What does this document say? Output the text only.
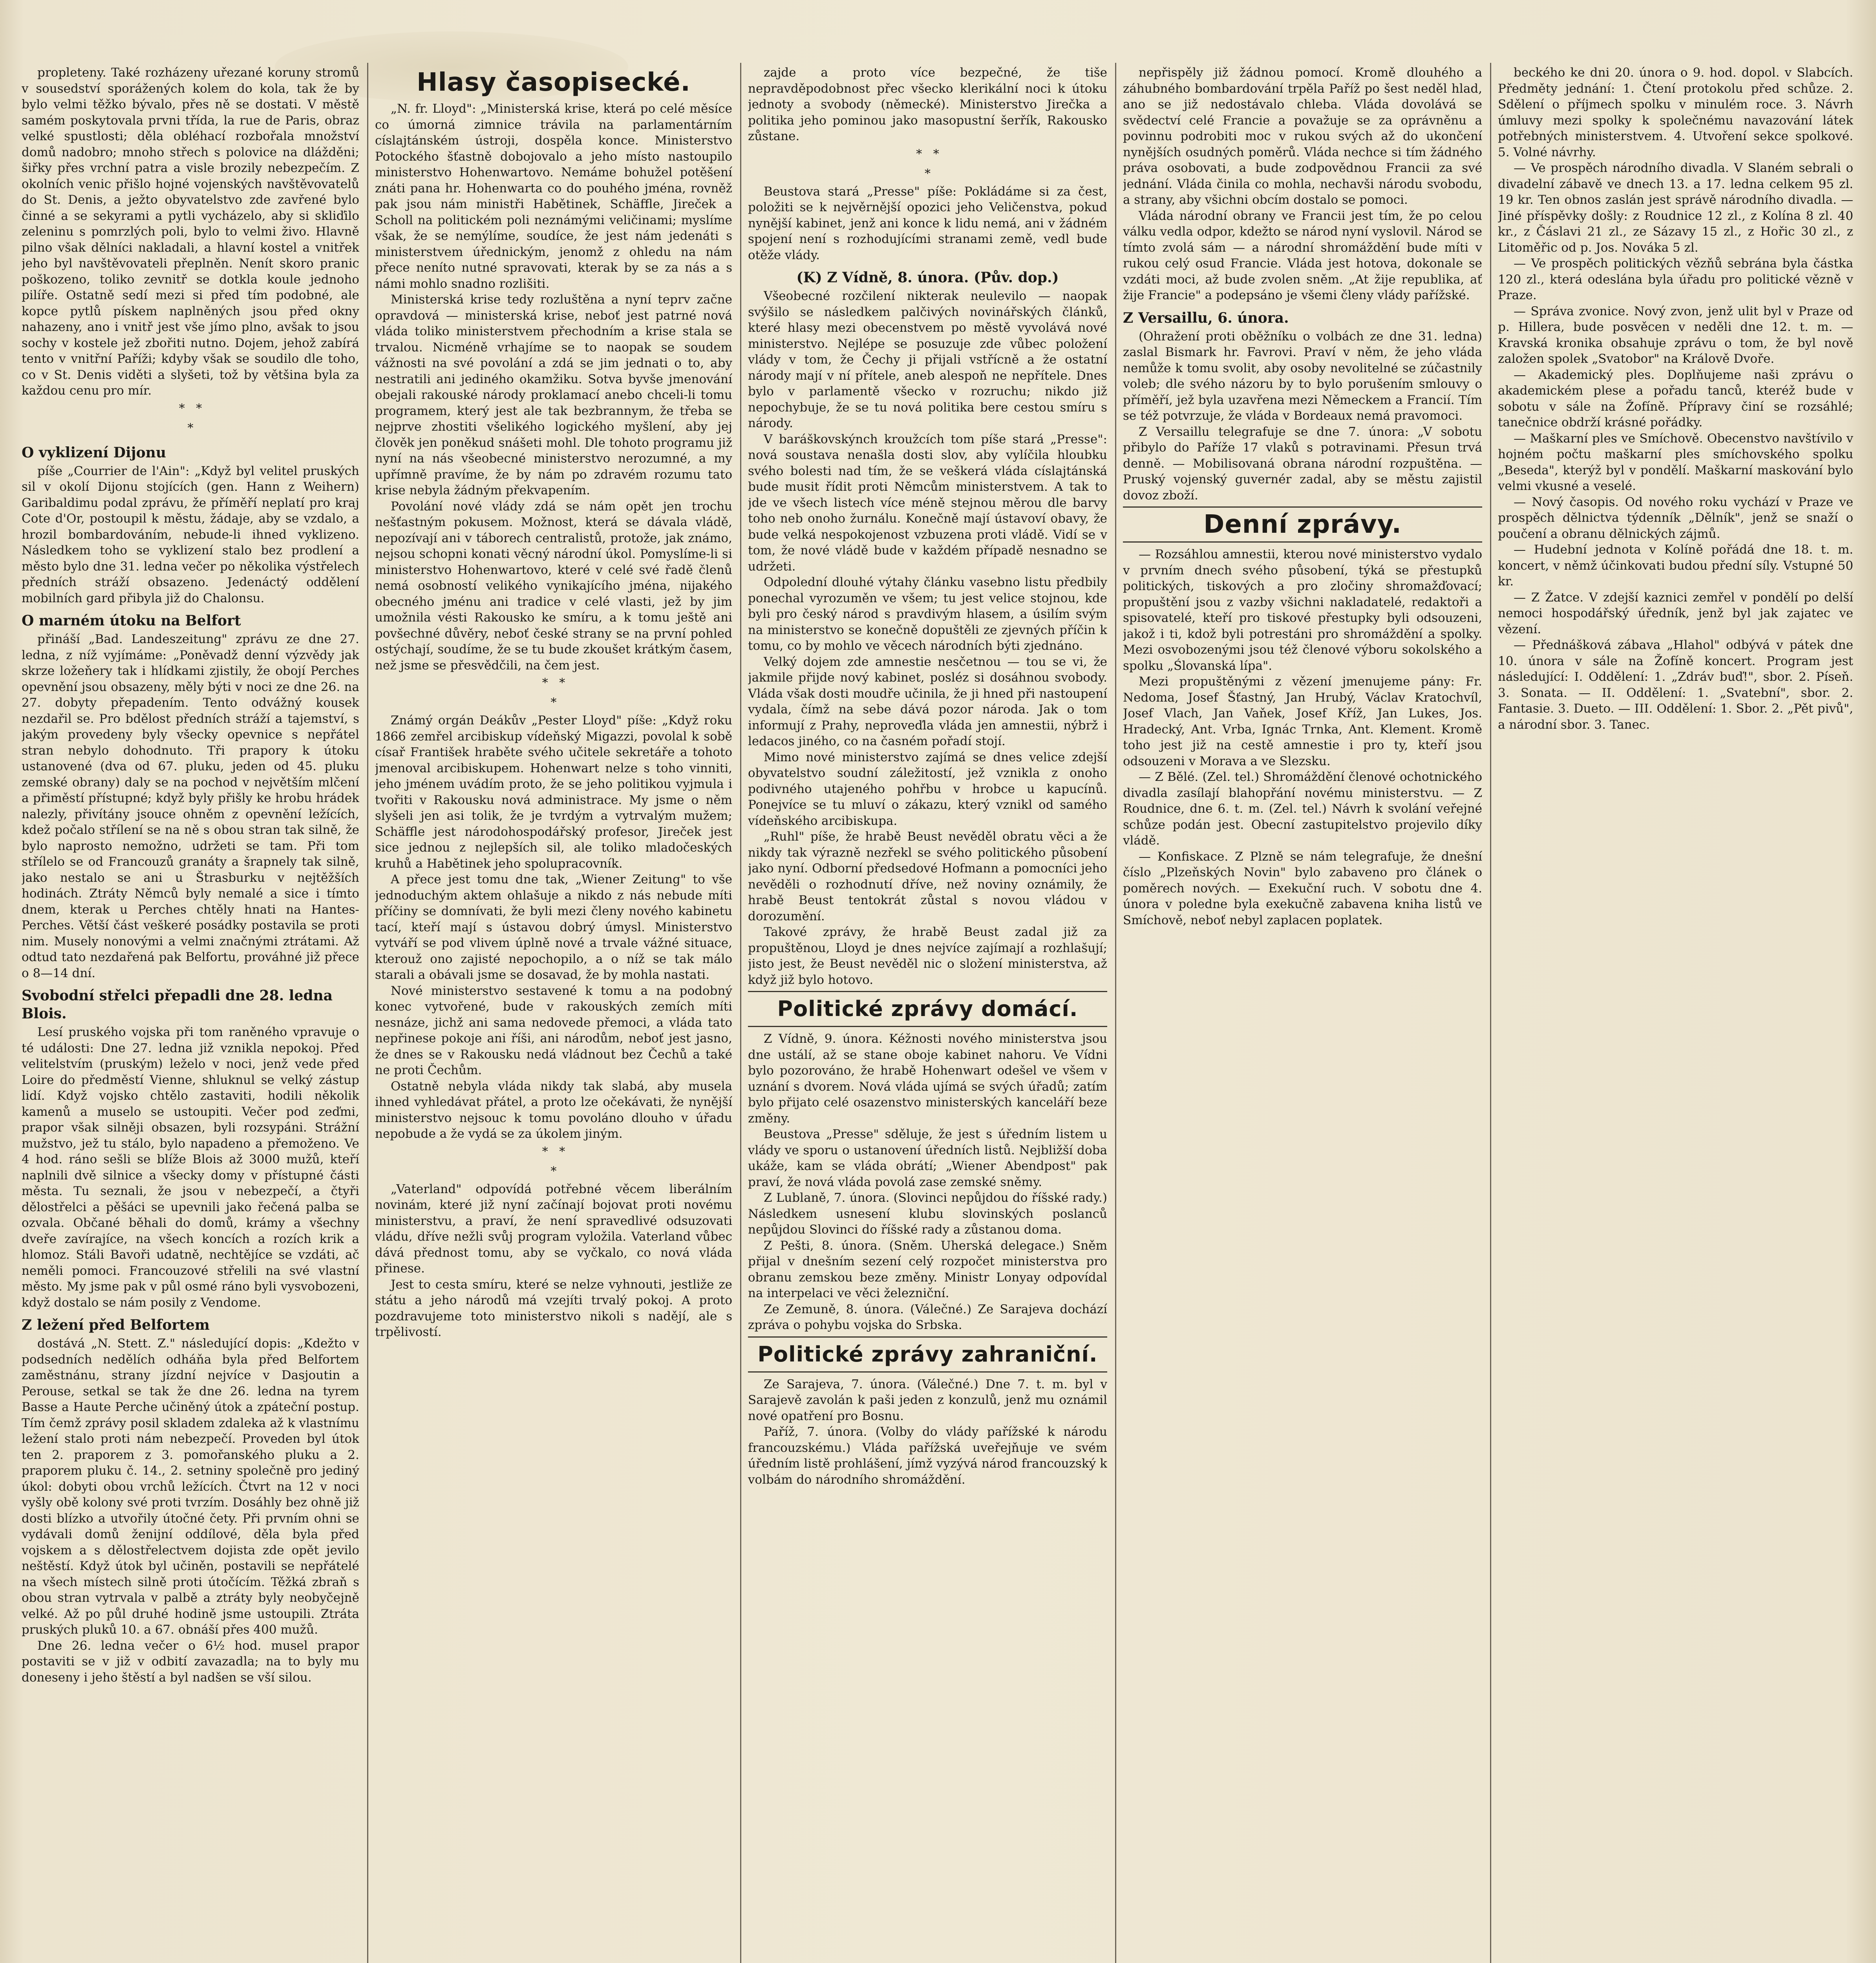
propleteny. Také rozházeny uřezané koruny stromů v sousedství sporážených kolem do kola, tak že by bylo velmi těžko bývalo, přes ně se dostati. V městě samém poskytovala prvni třída, la rue de Paris, obraz velké spustlosti; děla obléhací rozbořala množství domů nadobro; mnoho střech s polovice na dlážděni; šiřky přes vrchní patra a visle brozily nebezpečím. Z okolních venic přišlo hojné vojenských navštěvovatelů do St. Denis, a ježto obyvatelstvo zde zavřené bylo činné a se sekyrami a pytli vycházelo, aby si skliďilo zeleninu s pomrzlých poli, bylo to velmi živo. Hlavně pilno však dělníci nakladali, a hlavní kostel a vnitřek jeho byl navštěvovateli přeplněn. Nenít skoro pranic poškozeno, toliko zevnitř se dotkla koule jednoho pilíře. Ostatně sedí mezi si před tím podobné, ale kopce pytlů pískem naplněných jsou před okny nahazeny, ano i vnitř jest vše jímo plno, avšak to jsou sochy v kostele jež zbořiti nutno. Dojem, jehož zabírá tento v vnitřní Paříži; kdyby však se soudilo dle toho, co v St. Denis viděti a slyšeti, tož by většina byla za každou cenu pro mír.

*   *
*
O vyklizení Dijonu

píše „Courrier de l'Ain": „Když byl velitel pruských sil v okolí Dijonu stojících (gen. Hann z Weihern) Garibaldimu podal zprávu, že příměří neplatí pro kraj Cote d'Or, postoupil k městu, žádaje, aby se vzdalo, a hrozil bombardováním, nebude-li ihned vyklizeno. Následkem toho se vyklizení stalo bez prodlení a město bylo dne 31. ledna večer po několika výstřelech předních stráží obsazeno. Jedenáctý oddělení mobilních gard přibyla již do Chalonsu.

O marném útoku na Belfort

přináší „Bad. Landeszeitung" zprávu ze dne 27. ledna, z níž vyjímáme: „Poněvadž denní výzvědy jak skrze ložeňery tak i hlídkami zjistily, že obojí Perches opevnění jsou obsazeny, měly býti v noci ze dne 26. na 27. dobyty přepadením. Tento odvážný kousek nezdařil se. Pro bdělost předních stráží a tajemství, s jakým provedeny byly všecky opevnice s nepřátel stran nebylo dohodnuto. Tři prapory k útoku ustanovené (dva od 67. pluku, jeden od 45. pluku zemské obrany) daly se na pochod v největším mlčení a přiměstí přístupné; když byly přišly ke hrobu hrádek nalezly, přivítány jsouce ohněm z opevnění ležících, kdež počalo střílení se na ně s obou stran tak silně, že bylo naprosto nemožno, udržeti se tam. Při tom střílelo se od Francouzů granáty a šrapnely tak silně, jako nestalo se ani u Štrasburku v nejtěžších hodinách. Ztráty Němců byly nemalé a sice i tímto dnem, kterak u Perches chtěly hnati na Hantes-Perches. Větší část veškeré posádky postavila se proti nim. Musely nonovými a velmi značnými ztrátami. Až odtud tato nezdařená pak Belfortu, prováhné již přece o 8—14 dní.

Svobodní střelci přepadli dne 28. ledna Blois.

Lesí pruského vojska při tom raněného vpravuje o té události: Dne 27. ledna již vznikla nepokoj. Před velitelstvím (pruským) leželo v noci, jenž vede před Loire do předměstí Vienne, shluknul se velký zástup lidí. Když vojsko chtělo zastaviti, hodili několik kamenů a muselo se ustoupiti. Večer pod zeďmi, prapor však silněji obsazen, byli rozsypáni. Strážní mužstvo, jež tu stálo, bylo napadeno a přemoženo. Ve 4 hod. ráno sešli se blíže Blois až 3000 mužů, kteří naplnili dvě silnice a všecky domy v přístupné části města. Tu seznali, že jsou v nebezpečí, a čtyři dělostřelci a pěšáci se upevnili jako řečená palba se ozvala. Občané běhali do domů, krámy a všechny dveře zavírajíce, na všech koncích a rozích krik a hlomoz. Stáli Bavoři udatně, nechtějíce se vzdáti, ač neměli pomoci. Francouzové střelili na své vlastní město. My jsme pak v půl osmé ráno byli vysvobozeni, když dostalo se nám posily z Vendome.

Z ležení před Belfortem

dostává „N. Stett. Z." následující dopis: „Kdežto v podsedních nedělích odháňa byla před Belfortem zaměstnánu, strany jízdní nejvíce v Dasjoutin a Perouse, setkal se tak že dne 26. ledna na tyrem Basse a Haute Perche učiněný útok a zpáteční postup. Tím čemž zprávy posil skladem zdaleka až k vlastnímu ležení stalo proti nám nebezpečí. Proveden byl útok ten 2. praporem z 3. pomořanského pluku a 2. praporem pluku č. 14., 2. setniny společně pro jediný úkol: dobyti obou vrchů ležících. Čtvrt na 12 v noci vyšly obě kolony své proti tvrzím. Dosáhly bez ohně již dosti blízko a utvořily útočné čety. Při prvním ohni se vydávali domů ženijní oddílové, děla byla před vojskem a s dělostřelectvem dojista zde opět jevilo neštěstí. Když útok byl učiněn, postavili se nepřátelé na všech místech silně proti útočícím. Těžká zbraň s obou stran vytrvala v palbě a ztráty byly neobyčejně velké. Až po půl druhé hodině jsme ustoupili. Ztráta pruských pluků 10. a 67. obnáší přes 400 mužů.

Dne 26. ledna večer o 6½ hod. musel prapor postaviti se v již v odbití zavazadla; na to byly mu doneseny i jeho štěstí a byl nadšen se vší silou.

Hlasy časopisecké.

„N. fr. Lloyd": „Ministerská krise, která po celé měsíce co úmorná zimnice trávila na parlamentárním císlajtánském ústroji, dospěla konce. Ministerstvo Potockého šťastně dobojovalo a jeho místo nastoupilo ministerstvo Hohenwartovo. Nemáme bohužel potěšení znáti pana hr. Hohenwarta co do pouhého jména, rovněž pak jsou nám ministři Habětinek, Schäffle, Jireček a Scholl na politickém poli neznámými veličinami; myslíme však, že se nemýlíme, soudíce, že jest nám jedenáti s ministerstvem úřednickým, jenomž z ohledu na nám přece neníto nutné spravovati, kterak by se za nás a s námi mohlo snadno rozlišiti.

Ministerská krise tedy rozluštěna a nyní teprv začne opravdová — ministerská krise, neboť jest patrné nová vláda toliko ministerstvem přechodním a krise stala se trvalou. Nicméně vrhajíme se to naopak se soudem vážnosti na své povolání a zdá se jim jednati o to, aby nestratili ani jediného okamžiku. Sotva byvše jmenování obejali rakouské národy proklamací anebo chceli-li tomu programem, který jest ale tak bezbrannym, že třeba se nejprve zhostiti všelikého logického myšlení, aby jej člověk jen poněkud snášeti mohl. Dle tohoto programu již nyní na nás všeobecné ministerstvo nerozumné, a my upřímně pravíme, že by nám po zdravém rozumu tato krise nebyla žádným překvapením.

Povolání nové vlády zdá se nám opět jen trochu nešťastným pokusem. Možnost, která se dávala vládě, nepozívají ani v táborech centralistů, protože, jak známo, nejsou schopni konati věcný národní úkol. Pomyslíme-li si ministerstvo Hohenwartovo, které v celé své řadě členů nemá osobností velikého vynikajícího jména, nijakého obecného jménu ani tradice v celé vlasti, jež by jim umožnila vésti Rakousko ke smíru, a k tomu ještě ani povšechné důvěry, neboť české strany se na první pohled ostýchají, soudíme, že se tu bude zkoušet krátkým časem, než jsme se přesvědčili, na čem jest.

*   *
*

Známý orgán Deákův „Pester Lloyd" píše: „Když roku 1866 zemřel arcibiskup vídeňský Migazzi, povolal k sobě císař František hraběte svého učitele sekretáře a tohoto jmenoval arcibiskupem. Hohenwart nelze s toho vinniti, jeho jménem uvádím proto, že se jeho politikou vyjmula i tvořiti v Rakousku nová administrace. My jsme o něm slyšeli jen asi tolik, že je tvrdým a vytrvalým mužem; Schäffle jest národohospodářský profesor, Jireček jest sice jednou z nejlepších sil, ale toliko mladočeských kruhů a Habětinek jeho spolupracovník.

A přece jest tomu dne tak, „Wiener Zeitung" to vše jednoduchým aktem ohlašuje a nikdo z nás nebude míti příčiny se domnívati, že byli mezi členy nového kabinetu tací, kteří mají s ústavou dobrý úmysl. Ministerstvo vytváří se pod vlivem úplně nové a trvale vážné situace, kterouž ono zajisté nepochopilo, a o níž se tak málo starali a obávali jsme se dosavad, že by mohla nastati.

Nové ministerstvo sestavené k tomu a na podobný konec vytvořené, bude v rakouských zemích míti nesnáze, jichž ani sama nedovede přemoci, a vláda tato nepřinese pokoje ani říši, ani národům, neboť jest jasno, že dnes se v Rakousku nedá vládnout bez Čechů a také ne proti Čechům.

Ostatně nebyla vláda nikdy tak slabá, aby musela ihned vyhledávat přátel, a proto lze očekávati, že nynější ministerstvo nejsouc k tomu povoláno dlouho v úřadu nepobude a že vydá se za úkolem jiným.

*   *
*

„Vaterland" odpovídá potřebné věcem liberálním novinám, které již nyní začínají bojovat proti novému ministerstvu, a praví, že není spravedlivé odsuzovati vládu, dříve nežli svůj program vyložila. Vaterland vůbec dává přednost tomu, aby se vyčkalo, co nová vláda přinese.

Jest to cesta smíru, které se nelze vyhnouti, jestliže ze státu a jeho národů má vzejíti trvalý pokoj. A proto pozdravujeme toto ministerstvo nikoli s nadějí, ale s trpělivostí.

zajde a proto více bezpečné, že tiše nepravděpodobnost přec všecko klerikální noci k útoku jednoty a svobody (německé). Ministerstvo Jirečka a politika jeho pominou jako masopustní šerřík, Rakousko zůstane.

*   *
*

Beustova stará „Presse" píše: Pokládáme si za čest, položiti se k nejvěrnější opozici jeho Veličenstva, pokud nynější kabinet, jenž ani konce k lidu nemá, ani v žádném spojení není s rozhodujícími stranami země, vedl bude otěže vlády.

(K) Z Vídně, 8. února. (Pův. dop.)

Všeobecné rozčilení nikterak neulevilo — naopak svýšilo se následkem palčivých novinářských článků, které hlasy mezi obecenstvem po městě vyvolává nové ministerstvo. Nejlépe se posuzuje zde vůbec položení vlády v tom, že Čechy ji přijali vstřícně a že ostatní národy mají v ní přítele, aneb alespoň ne nepřítele. Dnes bylo v parlamentě všecko v rozruchu; nikdo již nepochybuje, že se tu nová politika bere cestou smíru s národy.

V baráškovskýnch kroužcích tom píše stará „Presse": nová soustava nenašla dosti slov, aby vylíčila hloubku svého bolesti nad tím, že se veškerá vláda císlajtánská bude musit řídit proti Němcům ministerstvem. A tak to jde ve všech listech více méně stejnou měrou dle barvy toho neb onoho žurnálu. Konečně mají ústavoví obavy, že bude velká nespokojenost vzbuzena proti vládě. Vidí se v tom, že nové vládě bude v každém případě nesnadno se udržeti.

Odpolední dlouhé výtahy článku vasebno listu předbily ponechal vyrozuměn ve všem; tu jest velice stojnou, kde byli pro český národ s pravdivým hlasem, a úsilím svým na ministerstvo se konečně dopuštěli ze zjevných příčin k tomu, co by mohlo ve věcech národních býti zjednáno.

Velký dojem zde amnestie nesčetnou — tou se vi, že jakmile přijde nový kabinet, posléz si dosáhnou svobody. Vláda však dosti moudře učinila, že ji hned při nastoupení vydala, čímž na sebe dává pozor národa. Jak o tom informují z Prahy, neproveďla vláda jen amnestii, nýbrž i ledacos jiného, co na časném pořadí stojí.

Mimo nové ministerstvo zajímá se dnes velice zdejší obyvatelstvo soudní záležitostí, jež vznikla z onoho podivného utajeného pohřbu v hrobce u kapucínů. Ponejvíce se tu mluví o zákazu, který vznikl od samého vídeňského arcibiskupa.

„Ruhl" píše, že hrabě Beust nevěděl obratu věci a že nikdy tak výrazně nezřekl se svého politického působení jako nyní. Odborní předsedové Hofmann a pomocníci jeho nevěděli o rozhodnutí dříve, než noviny oznámily, že hrabě Beust tentokrát zůstal s novou vládou v dorozumění.

Takové zprávy, že hrabě Beust zadal již za propuštěnou, Lloyd je dnes nejvíce zajímají a rozhlašují; jisto jest, že Beust nevěděl nic o složení ministerstva, až když již bylo hotovo.

Politické zprávy domácí.

Z Vídně, 9. února. Kéžnosti nového ministerstva jsou dne ustálí, až se stane oboje kabinet nahoru. Ve Vídni bylo pozorováno, že hrabě Hohenwart odešel ve všem v uznání s dvorem. Nová vláda ujímá se svých úřadů; zatím bylo přijato celé osazenstvo ministerských kanceláří beze změny.

Beustova „Presse" sděluje, že jest s úředním listem u vlády ve sporu o ustanovení úředních listů. Nejbližší doba ukáže, kam se vláda obrátí; „Wiener Abendpost" pak praví, že nová vláda povolá zase zemské sněmy.

Z Lublaně, 7. února. (Slovinci nepůjdou do říšské rady.) Následkem usnesení klubu slovinských poslanců nepůjdou Slovinci do říšské rady a zůstanou doma.

Z Pešti, 8. února. (Sněm. Uherská delegace.) Sněm přijal v dnešním sezení celý rozpočet ministerstva pro obranu zemskou beze změny. Ministr Lonyay odpovídal na interpelaci ve věci železniční.

Ze Zemuně, 8. února. (Válečné.) Ze Sarajeva dochází zpráva o pohybu vojska do Srbska.

Politické zprávy zahraniční.

Ze Sarajeva, 7. února. (Válečné.) Dne 7. t. m. byl v Sarajevě zavolán k paši jeden z konzulů, jenž mu oznámil nové opatření pro Bosnu.

Paříž, 7. února. (Volby do vlády pařížské k národu francouzskému.) Vláda pařížská uveřejňuje ve svém úředním listě prohlášení, jímž vyzývá národ francouzský k volbám do národního shromáždění.

nepřispěly již žádnou pomocí. Kromě dlouhého a záhubného bombardování trpěla Paříž po šest neděl hlad, ano se již nedostávalo chleba. Vláda dovolává se svědectví celé Francie a považuje se za oprávněnu a povinnu podrobiti moc v rukou svých až do ukončení nynějších osudných poměrů. Vláda nechce si tím žádného práva osobovati, a bude zodpovědnou Francii za své jednání. Vláda činila co mohla, nechavši národu svobodu, a strany, aby všichni obcím dostalo se pomoci.

Vláda národní obrany ve Francii jest tím, že po celou válku vedla odpor, kdežto se národ nyní vyslovil. Národ se tímto zvolá sám — a národní shromáždění bude míti v rukou celý osud Francie. Vláda jest hotova, dokonale se vzdáti moci, až bude zvolen sněm. „At žije republika, ať žije Francie" a podepsáno je všemi členy vlády pařížské.

Z Versaillu, 6. února.

(Ohražení proti oběžníku o volbách ze dne 31. ledna) zaslal Bismark hr. Favrovi. Praví v něm, že jeho vláda nemůže k tomu svolit, aby osoby nevolitelné se zúčastnily voleb; dle svého názoru by to bylo porušením smlouvy o příměří, jež byla uzavřena mezi Německem a Francií. Tím se též potvrzuje, že vláda v Bordeaux nemá pravomoci.

Z Versaillu telegrafuje se dne 7. února: „V sobotu přibylo do Paříže 17 vlaků s potravinami. Přesun trvá denně. — Mobilisovaná obrana národní rozpuštěna. — Pruský vojenský guvernér zadal, aby se městu zajistil dovoz zboží.

Denní zprávy.

— Rozsáhlou amnestii, kterou nové ministerstvo vydalo v prvním dnech svého působení, týká se přestupků politických, tiskových a pro zločiny shromažďovací; propuštění jsou z vazby všichni nakladatelé, redaktoři a spisovatelé, kteří pro tiskové přestupky byli odsouzeni, jakož i ti, kdož byli potrestáni pro shromáždění a spolky. Mezi osvobozenými jsou též členové výboru sokolského a spolku „Ślovanská lípa".

Mezi propuštěnými z vězení jmenujeme pány: Fr. Nedoma, Josef Šťastný, Jan Hrubý, Václav Kratochvíl, Josef Vlach, Jan Vaňek, Josef Kříž, Jan Lukes, Jos. Hradecký, Ant. Vrba, Ignác Trnka, Ant. Klement. Kromě toho jest již na cestě amnestie i pro ty, kteří jsou odsouzeni v Morava a ve Slezsku.

— Z Bělé. (Zel. tel.) Shromáždění členové ochotnického divadla zasílají blahopřání novému ministerstvu. — Z Roudnice, dne 6. t. m. (Zel. tel.) Návrh k svolání veřejné schůze podán jest. Obecní zastupitelstvo projevilo díky vládě.

— Konfiskace. Z Plzně se nám telegrafuje, že dnešní číslo „Plzeňských Novin" bylo zabaveno pro článek o poměrech nových. — Exekuční ruch. V sobotu dne 4. února v poledne byla exekučně zabavena kniha listů ve Smíchově, neboť nebyl zaplacen poplatek.

beckého ke dni 20. února o 9. hod. dopol. v Slabcích. Předměty jednání: 1. Čtení protokolu před schůze. 2. Sdělení o příjmech spolku v minulém roce. 3. Návrh úmluvy mezi spolky k společnému navazování látek potřebných ministerstvem. 4. Utvoření sekce spolkové. 5. Volné návrhy.

— Ve prospěch národního divadla. V Slaném sebrali o divadelní zábavě ve dnech 13. a 17. ledna celkem 95 zl. 19 kr. Ten obnos zaslán jest správě národního divadla. — Jiné příspěvky došly: z Roudnice 12 zl., z Kolína 8 zl. 40 kr., z Čáslavi 21 zl., ze Sázavy 15 zl., z Hořic 30 zl., z Litoměřic od p. Jos. Nováka 5 zl.

— Ve prospěch politických vězňů sebrána byla částka 120 zl., která odeslána byla úřadu pro politické vězně v Praze.

— Správa zvonice. Nový zvon, jenž ulit byl v Praze od p. Hillera, bude posvěcen v neděli dne 12. t. m. — Kravská kronika obsahuje zprávu o tom, že byl nově založen spolek „Svatobor" na Králově Dvoře.

— Akademický ples. Doplňujeme naši zprávu o akademickém plese a pořadu tanců, kteréž bude v sobotu v sále na Žofíně. Přípravy činí se rozsáhlé; tanečnice obdrží krásné pořádky.

— Maškarní ples ve Smíchově. Obecenstvo navštívilo v hojném počtu maškarní ples smíchovského spolku „Beseda", kterýž byl v pondělí. Maškarní maskování bylo velmi vkusné a veselé.

— Nový časopis. Od nového roku vychází v Praze ve prospěch dělnictva týdenník „Dělník", jenž se snaží o poučení a obranu dělnických zájmů.

— Hudební jednota v Kolíně pořádá dne 18. t. m. koncert, v němž účinkovati budou přední síly. Vstupné 50 kr.

— Z Žatce. V zdejší kaznici zemřel v pondělí po delší nemoci hospodářský úředník, jenž byl jak zajatec ve vězení.

— Přednášková zábava „Hlahol" odbývá v pátek dne 10. února v sále na Žofíně koncert. Program jest následující: I. Oddělení: 1. „Zdráv buď!", sbor. 2. Píseň. 3. Sonata. — II. Oddělení: 1. „Svatební", sbor. 2. Fantasie. 3. Dueto. — III. Oddělení: 1. Sbor. 2. „Pět pivů", a národní sbor. 3. Tanec.
